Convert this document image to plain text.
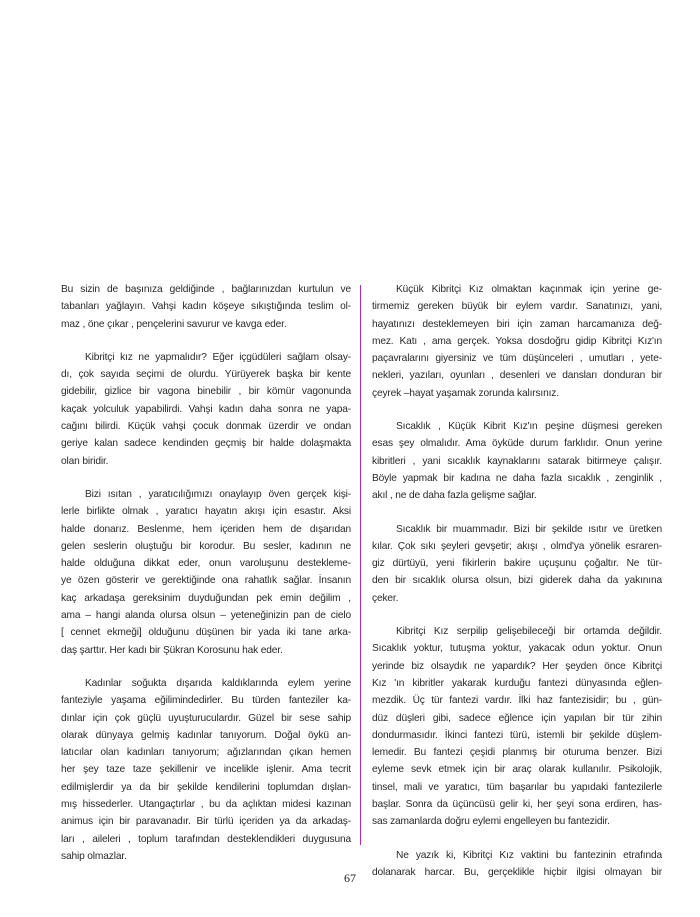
Bu sizin de başınıza geldiğinde , bağlarınızdan kurtulun ve
tabanları yağlayın. Vahşi kadın köşeye sıkıştığında teslim ol-
maz , öne çıkar , pençelerini savurur ve kavga eder.
Kibritçi kız ne yapmalıdır? Eğer içgüdüleri sağlam olsay-
dı, çok sayıda seçimi de olurdu. Yürüyerek başka bir kente
gidebilir, gizlice bir vagona binebilir , bir kömür vagonunda
kaçak yolculuk yapabilirdi. Vahşi kadın daha sonra ne yapa-
cağını bilirdi. Küçük vahşi çocuk donmak üzerdir ve ondan
geriye kalan sadece kendinden geçmiş bir halde dolaşmakta
olan biridir.
Bizi ısıtan , yaratıcılığımızı onaylayıp öven gerçek kişi-
lerle birlikte olmak , yaratıcı hayatın akışı için esastır. Aksi
halde donarız. Beslenme, hem içeriden hem de dışarıdan
gelen seslerin oluştuğu bir korodur. Bu sesler, kadının ne
halde olduğuna dikkat eder, onun varoluşunu destekleme-
ye özen gösterir ve gerektiğinde ona rahatlık sağlar. İnsanın
kaç arkadaşa gereksinim duyduğundan pek emin değilim ,
ama – hangi alanda olursa olsun – yeteneğinizin pan de cielo
[ cennet ekmeği] olduğunu düşünen bir yada iki tane arka-
daş şarttır. Her kadı bir Şükran Korosunu hak eder.
Kadınlar soğukta dışarıda kaldıklarında eylem yerine
fanteziyle yaşama eğilimindedirler. Bu türden fanteziler ka-
dınlar için çok güçlü uyuşturuculardır. Güzel bir sese sahip
olarak dünyaya gelmiş kadınlar tanıyorum. Doğal öykü an-
latıcılar olan kadınları tanıyorum; ağızlarından çıkan hemen
her şey taze taze şekillenir ve incelikle işlenir. Ama tecrit
edilmişlerdir ya da bir şekilde kendilerini toplumdan dışlan-
mış hissederler. Utangaçtırlar , bu da açlıktan midesi kazınan
animus için bir paravanadır. Bir türlü içeriden ya da arkadaş-
ları , aileleri , toplum tarafından desteklendikleri duygusuna
sahip olmazlar.
Küçük Kibritçi Kız olmaktan kaçınmak için yerine ge-
tirmemiz gereken büyük bir eylem vardır. Sanatınızı, yani,
hayatınızı desteklemeyen biri için zaman harcamanıza değ-
mez. Katı , ama gerçek. Yoksa dosdoğru gidip Kibritçi Kız'ın
paçavralarını giyersiniz ve tüm düşünceleri , umutları , yete-
nekleri, yazıları, oyunları , desenleri ve dansları donduran bir
çeyrek –hayat yaşamak zorunda kalırsınız.
Sıcaklık , Küçük Kibrit Kız'ın peşine düşmesi gereken
esas şey olmalıdır. Ama öyküde durum farklıdır. Onun yerine
kibritleri , yani sıcaklık kaynaklarını satarak bitirmeye çalışır.
Böyle yapmak bir kadına ne daha fazla sıcaklık , zenginlik ,
akıl , ne de daha fazla gelişme sağlar.
Sıcaklık bir muammadır. Bizi bir şekilde ısıtır ve üretken
kılar. Çok sıkı şeyleri gevşetir; akışı , olmd'ya yönelik esraren-
giz dürtüyü, yeni fikirlerin bakire uçuşunu çoğaltır. Ne tür-
den bir sıcaklık olursa olsun, bizi giderek daha da yakınına
çeker.
Kibritçi Kız serpilip gelişebileceği bir ortamda değildir.
Sıcaklık yoktur, tutuşma yoktur, yakacak odun yoktur. Onun
yerinde biz olsaydık ne yapardık? Her şeyden önce Kibritçi
Kız 'ın kibritler yakarak kurduğu fantezi dünyasında eğlen-
mezdik. Üç tür fantezi vardır. İlki haz fantezisidir; bu , gün-
düz düşleri gibi, sadece eğlence için yapılan bir tür zihin
dondurmasıdır. İkinci fantezi türü, istemli bir şekilde düşlem-
lemedir. Bu fantezi çeşidi planmış bir oturuma benzer. Bizi
eyleme sevk etmek için bir araç olarak kullanılır. Psikolojik,
tinsel, mali ve yaratıcı, tüm başarılar bu yapıdaki fantezilerle
başlar. Sonra da üçüncüsü gelir ki, her şeyi sona erdiren, has-
sas zamanlarda doğru eylemi engelleyen bu fantezidir.
Ne yazık ki, Kibritçi Kız vaktini bu fantezinin etrafında
dolanarak harcar. Bu, gerçeklikle hiçbir ilgisi olmayan bir
67
